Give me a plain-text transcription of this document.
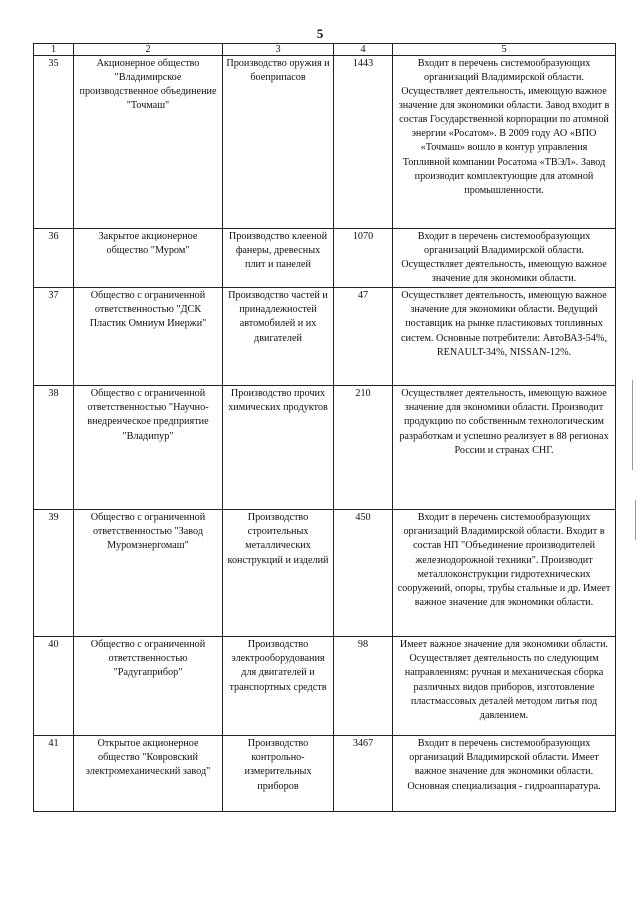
5
1	2	3	4	5
35	Акционерное общество "Владимирское производственное объединение "Точмаш"	Производство оружия и боеприпасов	1443	Входит в перечень системообразующих организаций Владимирской области. Осуществляет деятельность, имеющую важное значение для экономики области. Завод входит в состав Государственной корпорации по атомной энергии «Росатом». В 2009 году АО «ВПО «Точмаш» вошло в контур управления Топливной компании Росатома «ТВЭЛ». Завод производит комплектующие для атомной промышленности.
36	Закрытое акционерное общество "Муром"	Производство клееной фанеры, древесных плит и панелей	1070	Входит в перечень системообразующих организаций Владимирской области. Осуществляет деятельность, имеющую важное значение для экономики области.
37	Общество с ограниченной ответственностью "ДСК Пластик Омниум Инержи"	Производство частей и принадлежностей автомобилей и их двигателей	47	Осуществляет деятельность, имеющую важное значение для экономики области. Ведущий поставщик на рынке пластиковых топливных систем. Основные потребители: АвтоВАЗ-54%, RENAULT-34%, NISSAN-12%.
38	Общество с ограниченной ответственностью "Научно-внедренческое предприятие "Владипур"	Производство прочих химических продуктов	210	Осуществляет деятельность, имеющую важное значение для экономики области. Производит продукцию по собственным технологическим разработкам и успешно реализует в 88 регионах России и странах СНГ.
39	Общество с ограниченной ответственностью "Завод Муромэнергомаш"	Производство строительных металлических конструкций и изделий	450	Входит в перечень системообразующих организаций Владимирской области. Входит в состав НП "Объединение производителей железнодорожной техники". Производит металлоконструкции гидротехнических сооружений, опоры, трубы стальные и др. Имеет важное значение для экономики области.
40	Общество с ограниченной ответственностью "Радугаприбор"	Производство электрооборудования для двигателей и транспортных средств	98	Имеет важное значение для экономики области. Осуществляет деятельность по следующим направлениям: ручная и механическая сборка различных видов приборов, изготовление пластмассовых деталей методом литья под давлением.
41	Открытое акционерное общество "Ковровский электромеханический завод"	Производство контрольно-измерительных приборов	3467	Входит в перечень системообразующих организаций Владимирской области. Имеет важное значение для экономики области. Основная специализация - гидроаппаратура.
